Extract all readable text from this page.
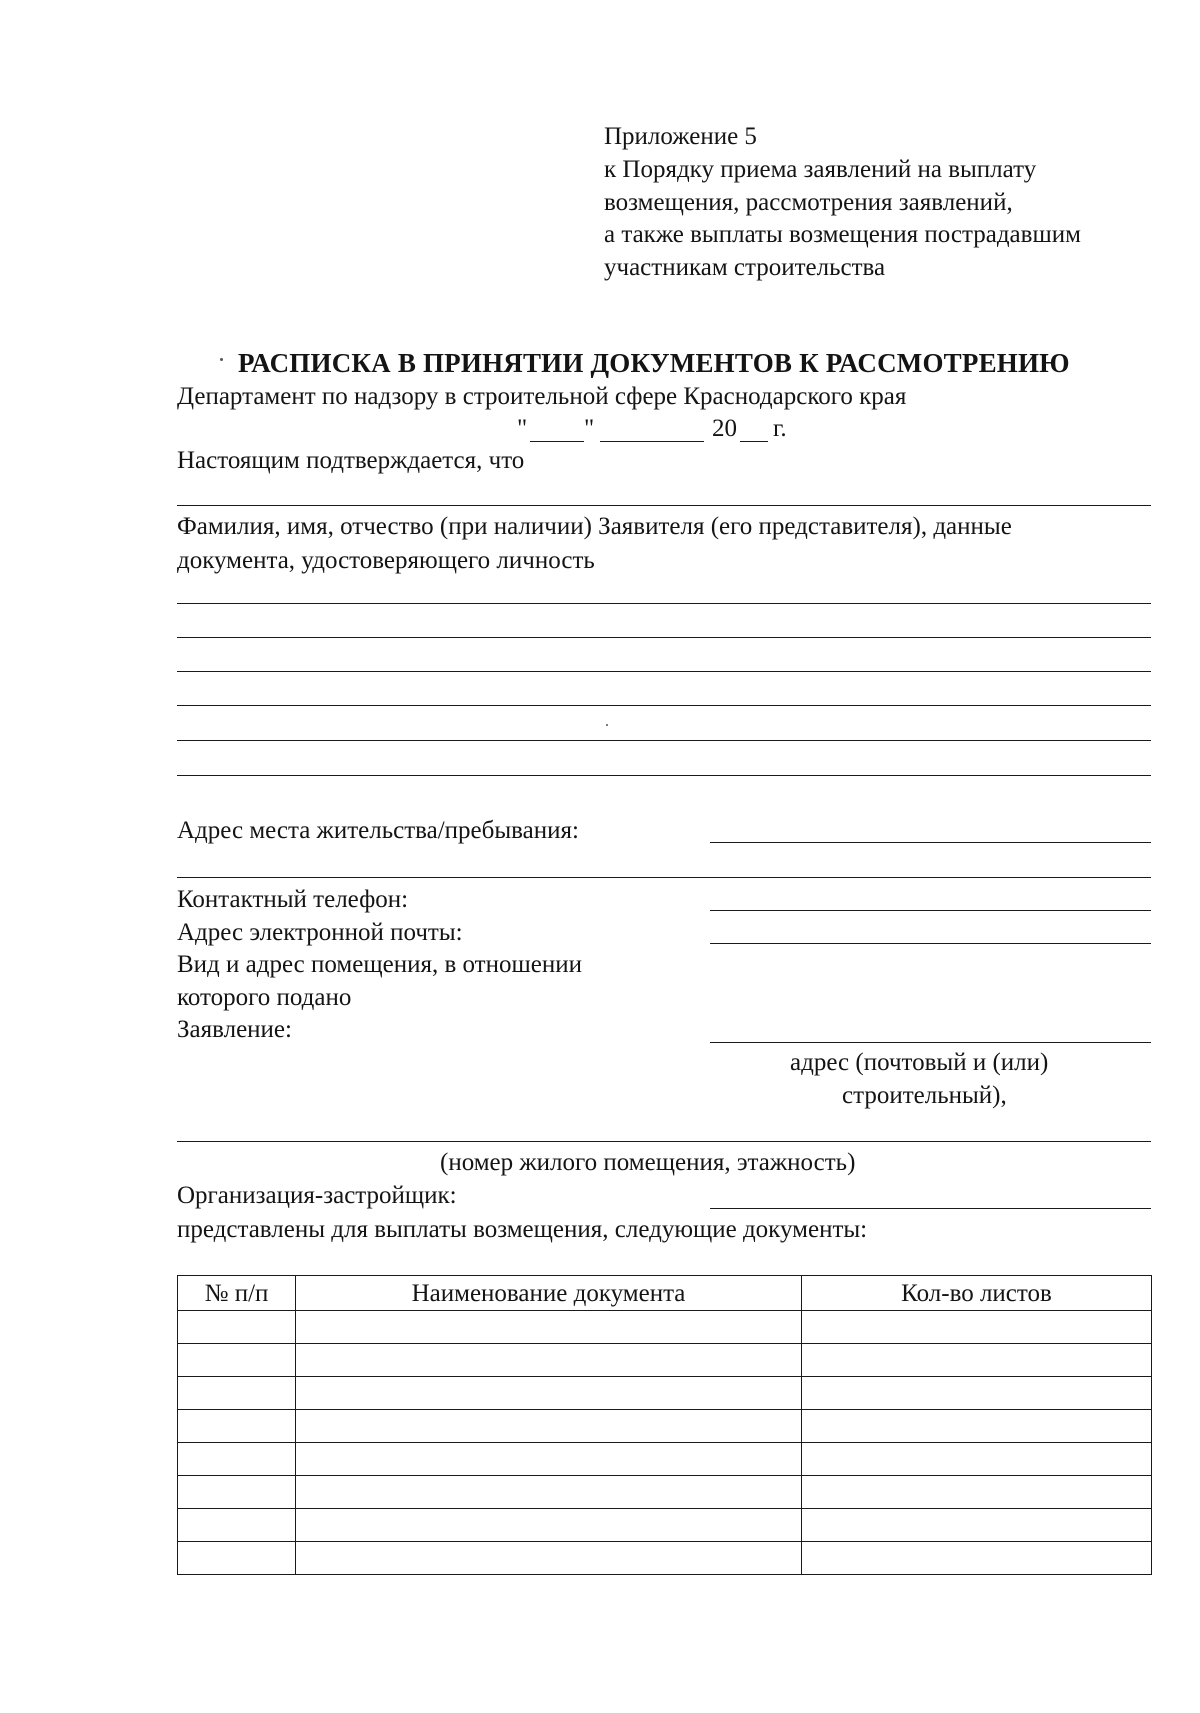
Приложение 5
к Порядку приема заявлений на выплату
возмещения, рассмотрения заявлений,
а также выплаты возмещения пострадавшим
участникам строительства
РАСПИСКА В ПРИНЯТИИ ДОКУМЕНТОВ К РАССМОТРЕНИЮ
Департамент по надзору в строительной сфере Краснодарского края
" "	20 г.
Настоящим подтверждается, что
Фамилия, имя, отчество (при наличии) Заявителя (его представителя), данные
документа, удостоверяющего личность
Адрес места жительства/пребывания:
Контактный телефон:
Адрес электронной почты:
Вид и адрес помещения, в отношении
которого подано
Заявление:
адрес (почтовый и (или)
строительный),
(номер жилого помещения, этажность)
Организация-застройщик:
представлены для выплаты возмещения, следующие документы:
№ п/п	Наименование документа	Кол-во листов
